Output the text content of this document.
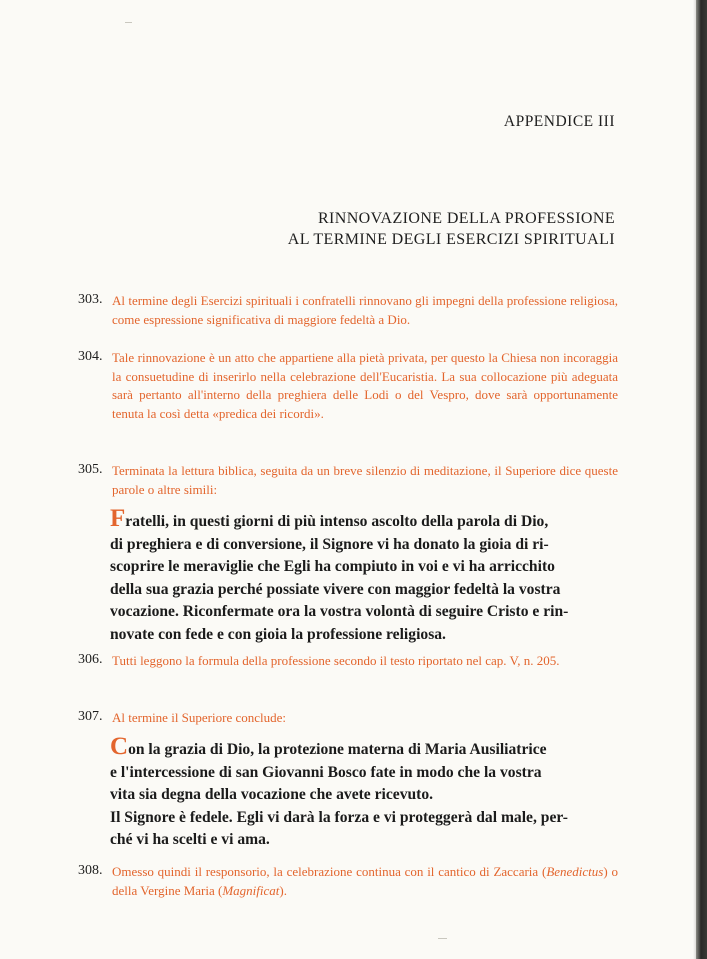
APPENDICE III
RINNOVAZIONE DELLA PROFESSIONE
AL TERMINE DEGLI ESERCIZI SPIRITUALI
303. Al termine degli Esercizi spirituali i confratelli rinnovano gli impegni della professione religiosa, come espressione significativa di maggiore fedeltà a Dio.
304. Tale rinnovazione è un atto che appartiene alla pietà privata, per questo la Chiesa non incoraggia la consuetudine di inserirlo nella celebrazione dell'Eucaristia. La sua collocazione più adeguata sarà pertanto all'interno della preghiera delle Lodi o del Vespro, dove sarà opportunamente tenuta la così detta «predica dei ricordi».
305. Terminata la lettura biblica, seguita da un breve silenzio di meditazione, il Superiore dice queste parole o altre simili:
Fratelli, in questi giorni di più intenso ascolto della parola di Dio,
di preghiera e di conversione, il Signore vi ha donato la gioia di ri-
scoprire le meraviglie che Egli ha compiuto in voi e vi ha arricchito
della sua grazia perché possiate vivere con maggior fedeltà la vostra
vocazione. Riconfermate ora la vostra volontà di seguire Cristo e rin-
novate con fede e con gioia la professione religiosa.
306. Tutti leggono la formula della professione secondo il testo riportato nel cap. V, n. 205.
307. Al termine il Superiore conclude:
Con la grazia di Dio, la protezione materna di Maria Ausiliatrice
e l'intercessione di san Giovanni Bosco fate in modo che la vostra
vita sia degna della vocazione che avete ricevuto.
Il Signore è fedele. Egli vi darà la forza e vi proteggerà dal male, per-
ché vi ha scelti e vi ama.
308. Omesso quindi il responsorio, la celebrazione continua con il cantico di Zaccaria (Benedictus) o della Vergine Maria (Magnificat).
